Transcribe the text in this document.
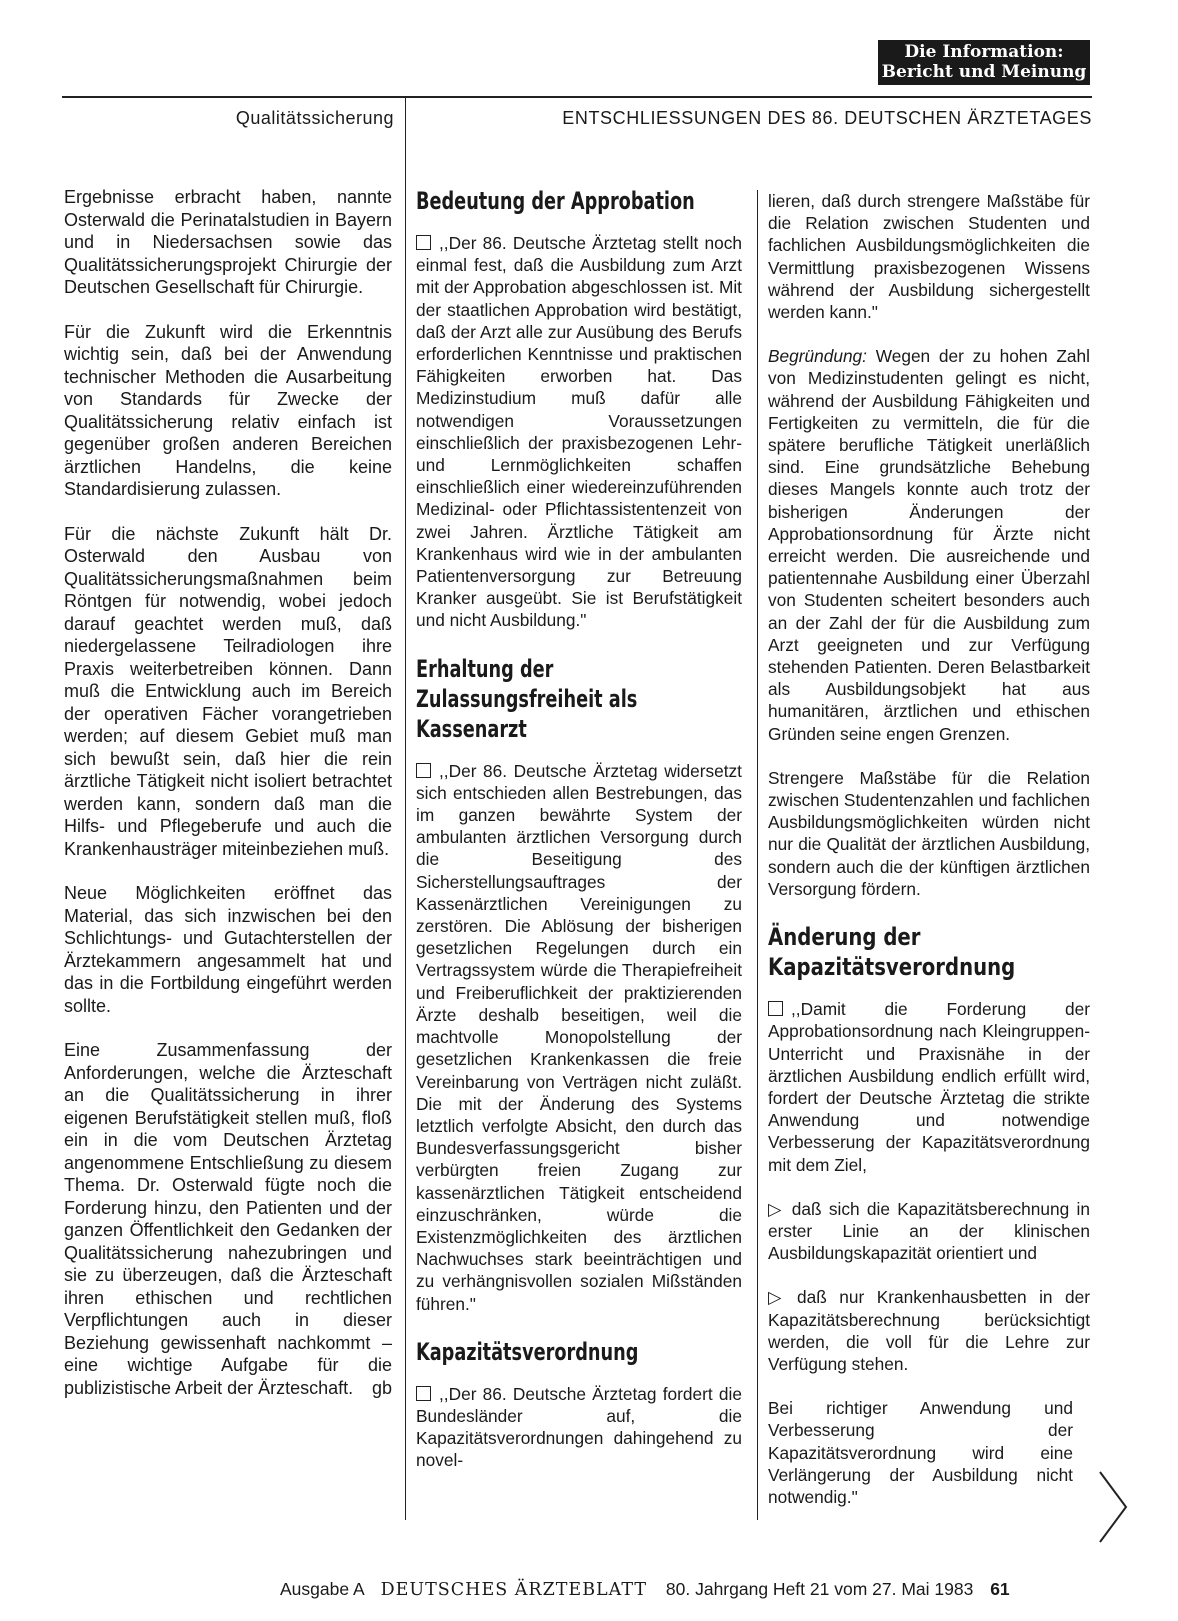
Die Information:
Bericht und Meinung
Qualitätssicherung	ENTSCHLIESSUNGEN DES 86. DEUTSCHEN ÄRZTETAGES

Ergebnisse erbracht haben, nannte Osterwald die Perinatalstudien in Bayern und in Niedersachsen sowie das Qualitätssicherungsprojekt Chirurgie der Deutschen Gesellschaft für Chirurgie.

Für die Zukunft wird die Erkenntnis wichtig sein, daß bei der Anwendung technischer Methoden die Ausarbeitung von Standards für Zwecke der Qualitätssicherung relativ einfach ist gegenüber großen anderen Bereichen ärztlichen Handelns, die keine Standardisierung zulassen.

Für die nächste Zukunft hält Dr. Osterwald den Ausbau von Qualitätssicherungsmaßnahmen beim Röntgen für notwendig, wobei jedoch darauf geachtet werden muß, daß niedergelassene Teilradiologen ihre Praxis weiterbetreiben können. Dann muß die Entwicklung auch im Bereich der operativen Fächer vorangetrieben werden; auf diesem Gebiet muß man sich bewußt sein, daß hier die rein ärztliche Tätigkeit nicht isoliert betrachtet werden kann, sondern daß man die Hilfs- und Pflegeberufe und auch die Krankenhausträger miteinbeziehen muß.

Neue Möglichkeiten eröffnet das Material, das sich inzwischen bei den Schlichtungs- und Gutachterstellen der Ärztekammern angesammelt hat und das in die Fortbildung eingeführt werden sollte.

Eine Zusammenfassung der Anforderungen, welche die Ärzteschaft an die Qualitätssicherung in ihrer eigenen Berufstätigkeit stellen muß, floß ein in die vom Deutschen Ärztetag angenommene Entschließung zu diesem Thema. Dr. Osterwald fügte noch die Forderung hinzu, den Patienten und der ganzen Öffentlichkeit den Gedanken der Qualitätssicherung nahezubringen und sie zu überzeugen, daß die Ärzteschaft ihren ethischen und rechtlichen Verpflichtungen auch in dieser Beziehung gewissenhaft nachkommt – eine wichtige Aufgabe für die publizistische Arbeit der Ärzteschaft. gb

Bedeutung der Approbation

,,Der 86. Deutsche Ärztetag stellt noch einmal fest, daß die Ausbildung zum Arzt mit der Approbation abgeschlossen ist. Mit der staatlichen Approbation wird bestätigt, daß der Arzt alle zur Ausübung des Berufs erforderlichen Kenntnisse und praktischen Fähigkeiten erworben hat. Das Medizinstudium muß dafür alle notwendigen Voraussetzungen einschließlich der praxisbezogenen Lehr- und Lernmöglichkeiten schaffen einschließlich einer wiedereinzuführenden Medizinal- oder Pflichtassistentenzeit von zwei Jahren. Ärztliche Tätigkeit am Krankenhaus wird wie in der ambulanten Patientenversorgung zur Betreuung Kranker ausgeübt. Sie ist Berufstätigkeit und nicht Ausbildung."

Erhaltung der Zulassungsfreiheit als Kassenarzt

,,Der 86. Deutsche Ärztetag widersetzt sich entschieden allen Bestrebungen, das im ganzen bewährte System der ambulanten ärztlichen Versorgung durch die Beseitigung des Sicherstellungsauftrages der Kassenärztlichen Vereinigungen zu zerstören. Die Ablösung der bisherigen gesetzlichen Regelungen durch ein Vertragssystem würde die Therapiefreiheit und Freiberuflichkeit der praktizierenden Ärzte deshalb beseitigen, weil die machtvolle Monopolstellung der gesetzlichen Krankenkassen die freie Vereinbarung von Verträgen nicht zuläßt. Die mit der Änderung des Systems letztlich verfolgte Absicht, den durch das Bundesverfassungsgericht bisher verbürgten freien Zugang zur kassenärztlichen Tätigkeit entscheidend einzuschränken, würde die Existenzmöglichkeiten des ärztlichen Nachwuchses stark beeinträchtigen und zu verhängnisvollen sozialen Mißständen führen."

Kapazitätsverordnung

,,Der 86. Deutsche Ärztetag fordert die Bundesländer auf, die Kapazitätsverordnungen dahingehend zu novel-

lieren, daß durch strengere Maßstäbe für die Relation zwischen Studenten und fachlichen Ausbildungsmöglichkeiten die Vermittlung praxisbezogenen Wissens während der Ausbildung sichergestellt werden kann."

Begründung: Wegen der zu hohen Zahl von Medizinstudenten gelingt es nicht, während der Ausbildung Fähigkeiten und Fertigkeiten zu vermitteln, die für die spätere berufliche Tätigkeit unerläßlich sind. Eine grundsätzliche Behebung dieses Mangels konnte auch trotz der bisherigen Änderungen der Approbationsordnung für Ärzte nicht erreicht werden. Die ausreichende und patientennahe Ausbildung einer Überzahl von Studenten scheitert besonders auch an der Zahl der für die Ausbildung zum Arzt geeigneten und zur Verfügung stehenden Patienten. Deren Belastbarkeit als Ausbildungsobjekt hat aus humanitären, ärztlichen und ethischen Gründen seine engen Grenzen.

Strengere Maßstäbe für die Relation zwischen Studentenzahlen und fachlichen Ausbildungsmöglichkeiten würden nicht nur die Qualität der ärztlichen Ausbildung, sondern auch die der künftigen ärztlichen Versorgung fördern.

Änderung der Kapazitätsverordnung

,,Damit die Forderung der Approbationsordnung nach Kleingruppen-Unterricht und Praxisnähe in der ärztlichen Ausbildung endlich erfüllt wird, fordert der Deutsche Ärztetag die strikte Anwendung und notwendige Verbesserung der Kapazitätsverordnung mit dem Ziel,

▷ daß sich die Kapazitätsberechnung in erster Linie an der klinischen Ausbildungskapazität orientiert und

▷ daß nur Krankenhausbetten in der Kapazitätsberechnung berücksichtigt werden, die voll für die Lehre zur Verfügung stehen.

Bei richtiger Anwendung und Verbesserung der Kapazitätsverordnung wird eine Verlängerung der Ausbildung nicht notwendig."

Ausgabe A DEUTSCHES ÄRZTEBLATT 80. Jahrgang Heft 21 vom 27. Mai 1983 61
